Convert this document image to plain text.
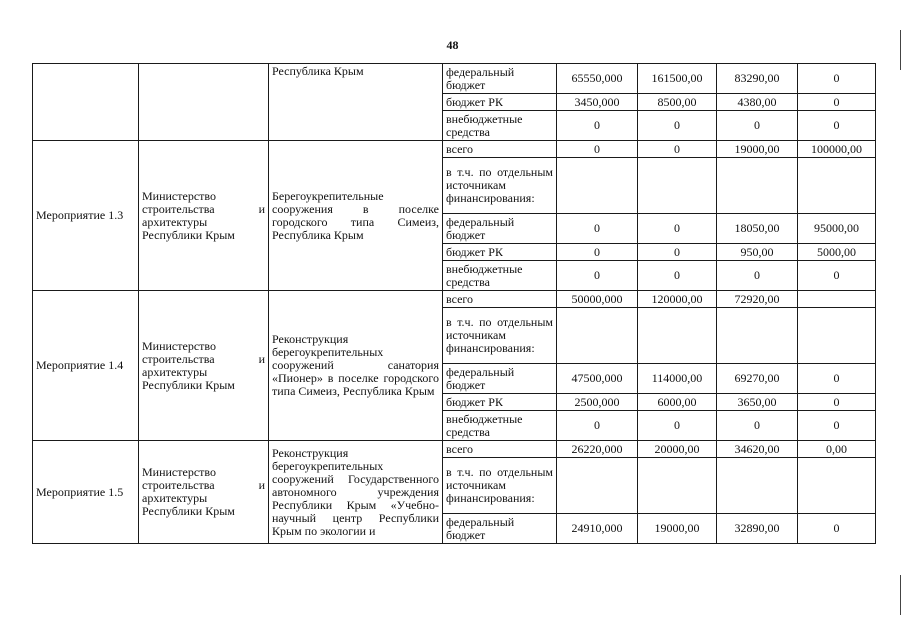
48
		Республика Крым	федеральный бюджет	65550,000	161500,00	83290,00	0
			бюджет РК	3450,000	8500,00	4380,00	0
			внебюджетные средства	0	0	0	0
Мероприятие 1.3	Министерство строительства и архитектуры Республики Крым	Берегоукрепительные сооружения в поселке городского типа Симеиз, Республика Крым	всего	0	0	19000,00	100000,00
			в т.ч. по отдельным источникам финансирования:				
			федеральный бюджет	0	0	18050,00	95000,00
			бюджет РК	0	0	950,00	5000,00
			внебюджетные средства	0	0	0	0
Мероприятие 1.4	Министерство строительства и архитектуры Республики Крым	Реконструкция берегоукрепительных сооружений санатория «Пионер» в поселке городского типа Симеиз, Республика Крым	всего	50000,000	120000,00	72920,00	
			в т.ч. по отдельным источникам финансирования:				
			федеральный бюджет	47500,000	114000,00	69270,00	0
			бюджет РК	2500,000	6000,00	3650,00	0
			внебюджетные средства	0	0	0	0
Мероприятие 1.5	Министерство строительства и архитектуры Республики Крым	Реконструкция берегоукрепительных сооружений Государственного автономного учреждения Республики Крым «Учебно-научный центр Республики Крым по экологии и	всего	26220,000	20000,00	34620,00	0,00
			в т.ч. по отдельным источникам финансирования:				
			федеральный бюджет	24910,000	19000,00	32890,00	0
